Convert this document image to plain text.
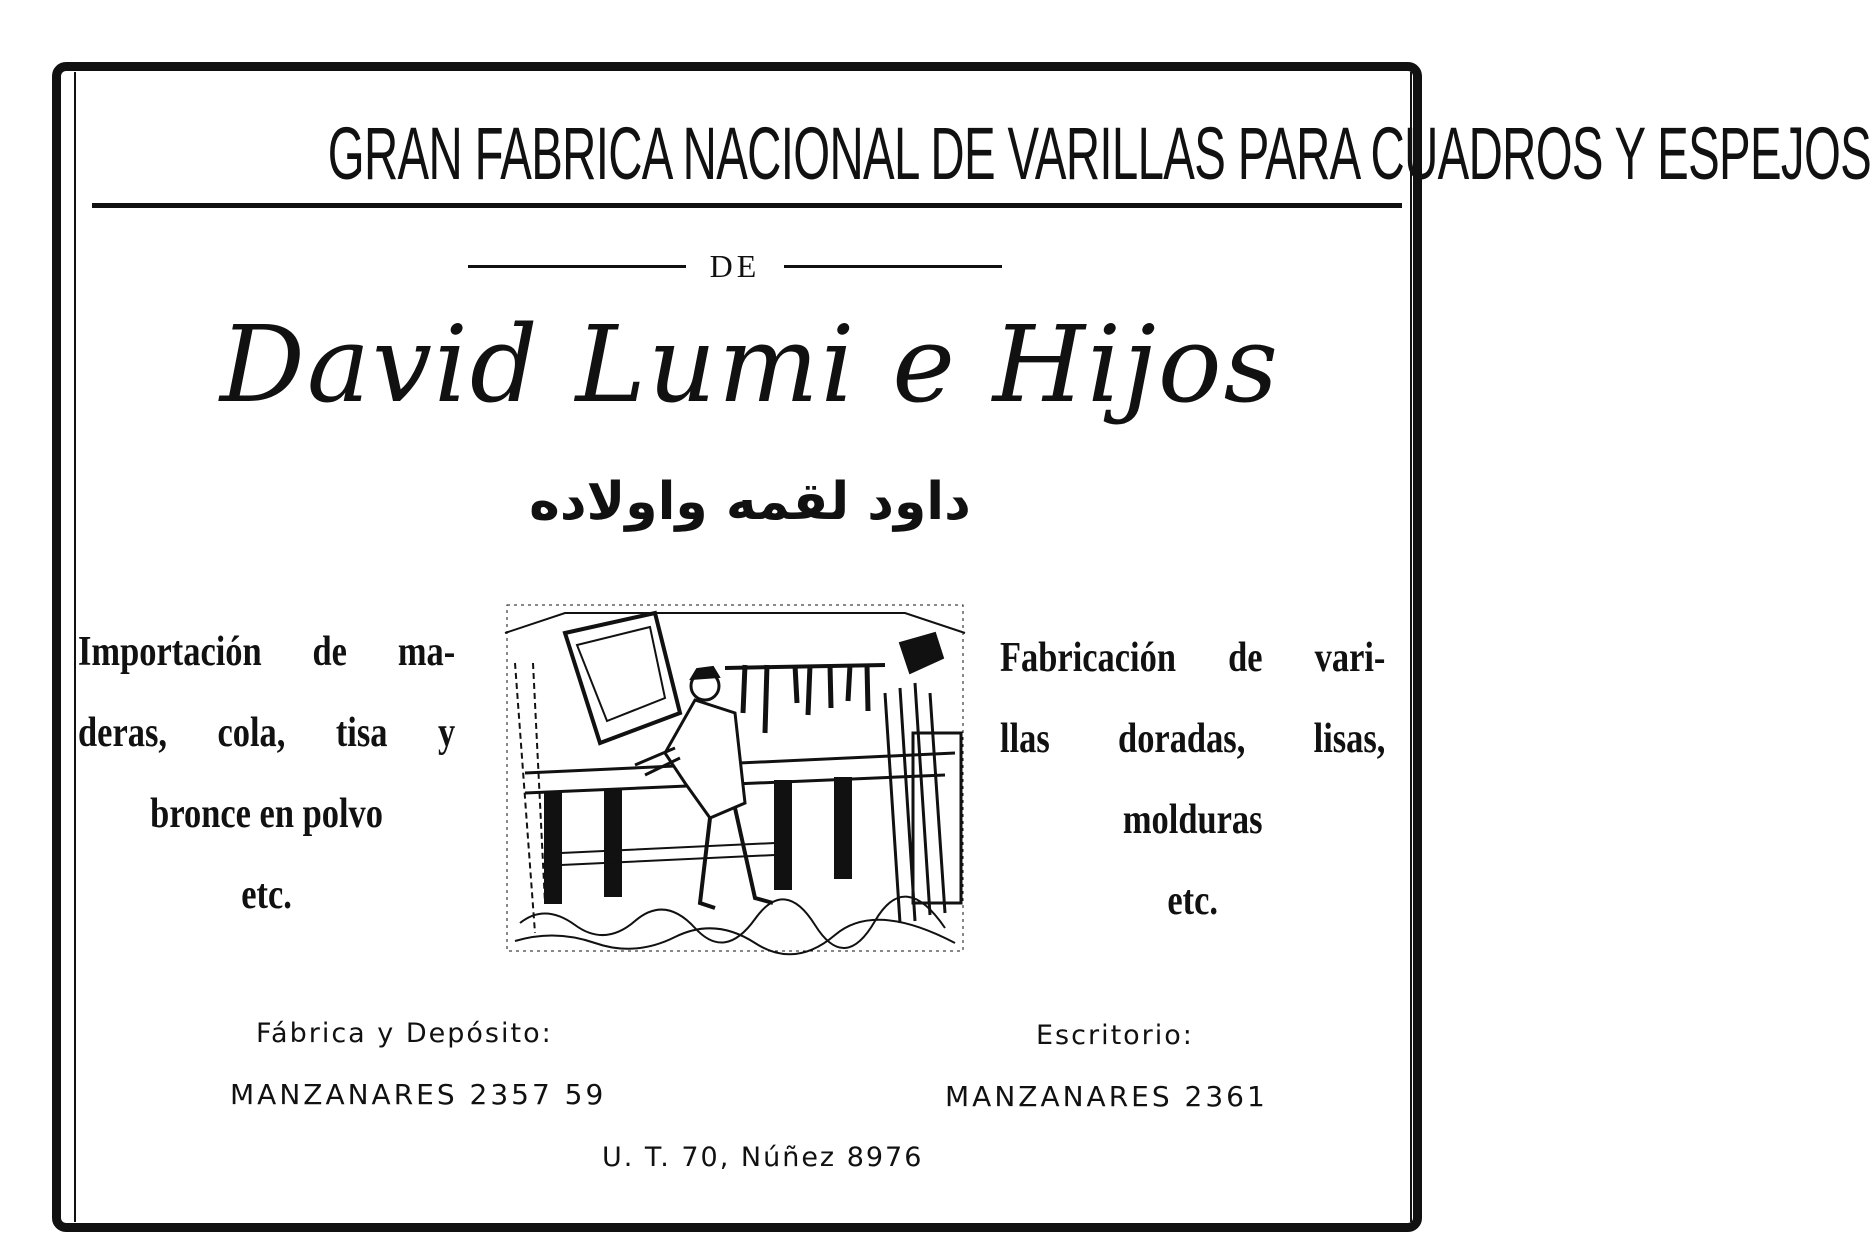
GRAN FABRICA NACIONAL DE VARILLAS PARA CUADROS Y ESPEJOS
DE
David Lumi e Hijos
داود لقمه واولاده
Importación de ma-
deras, cola, tisa y
bronce en polvo
etc.
Fabricación de vari-
llas doradas, lisas,
molduras
etc.
Fábrica y Depósito:
MANZANARES 2357 59
Escritorio:
MANZANARES 2361
U. T. 70, Núñez 8976
